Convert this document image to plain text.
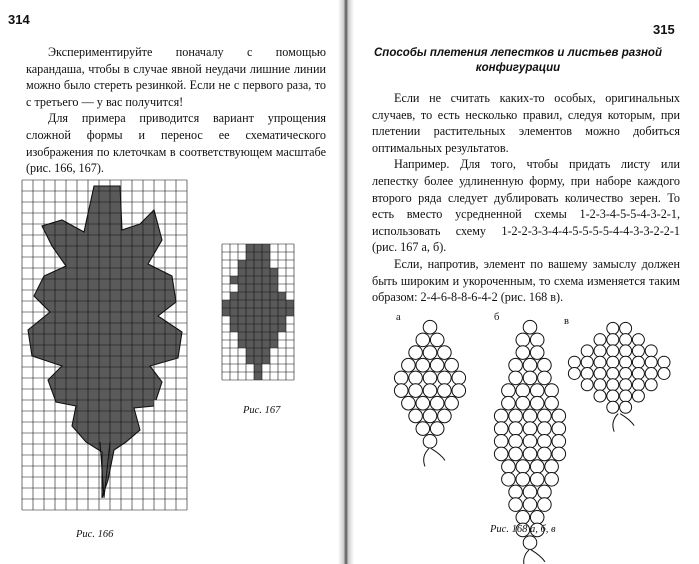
314

Экспериментируйте поначалу с помощью карандаша, чтобы в случае явной неудачи лишние линии можно было стереть резинкой. Если не с первого раза, то с третьего — у вас получится!

Для примера приводится вариант упрощения сложной формы и перенос ее схематического изображения по клеточкам в соответствующем масштабе (рис. 166, 167).

Рис. 166
Рис. 167
315
Способы плетения лепестков и листьев разной конфигурации

Если не считать каких-то особых, оригинальных случаев, то есть несколько правил, следуя которым, при плетении растительных элементов можно добиться оптимальных результатов.

Например. Для того, чтобы придать листу или лепестку более удлиненную форму, при наборе каждого второго ряда следует дублировать количество зерен. То есть вместо усредненной схемы 1-2-3-4-5-5-4-3-2-1, использовать схему 1-2-2-3-3-4-4-5-5-5-5-4-4-3-3-2-2-1 (рис. 167 а, б).

Если, напротив, элемент по вашему замыслу должен быть широким и укороченным, то схема изменяется таким образом: 2-4-6-8-8-6-4-2 (рис. 168 в).

а	б	в
Рис. 168 а, б, в
